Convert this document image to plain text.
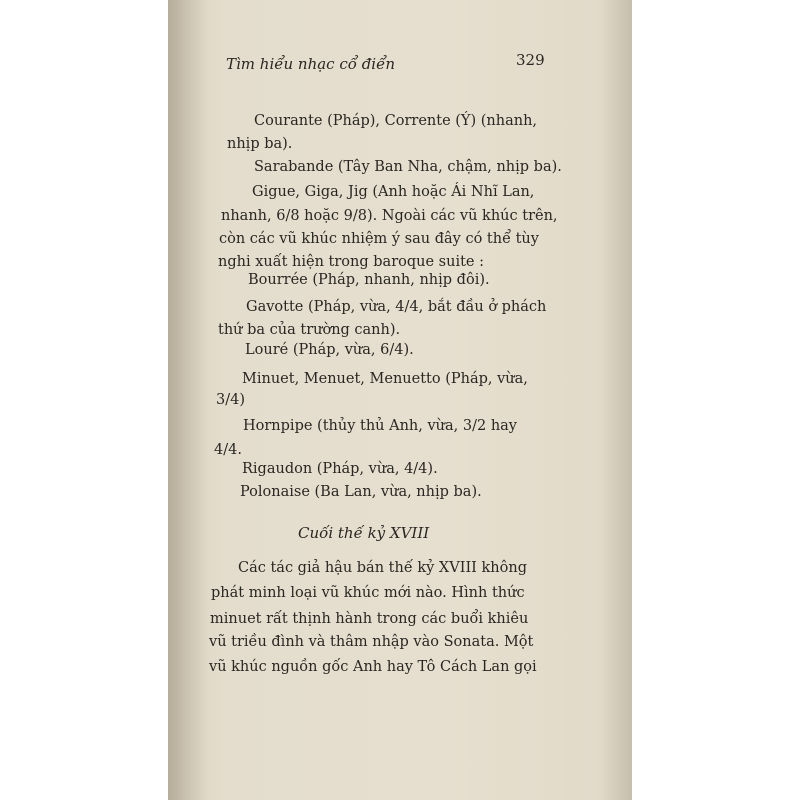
Tìm hiểu nhạc cổ điển	329
Courante (Pháp), Corrente (Ý) (nhanh,
nhịp ba).
Sarabande (Tây Ban Nha, chậm, nhịp ba).
Gigue, Giga, Jig (Anh hoặc Ái Nhĩ Lan,
nhanh, 6/8 hoặc 9/8). Ngoài các vũ khúc trên,
còn các vũ khúc nhiệm ý sau đây có thể tùy
nghi xuất hiện trong baroque suite :
Bourrée (Pháp, nhanh, nhịp đôi).
Gavotte (Pháp, vừa, 4/4, bắt đầu ở phách
thứ ba của trường canh).
Louré (Pháp, vừa, 6/4).
Minuet, Menuet, Menuetto (Pháp, vừa,
3/4)
Hornpipe (thủy thủ Anh, vừa, 3/2 hay
4/4.
Rigaudon (Pháp, vừa, 4/4).
Polonaise (Ba Lan, vừa, nhịp ba).
Cuối thế kỷ XVIII
Các tác giả hậu bán thế kỷ XVIII không
phát minh loại vũ khúc mới nào. Hình thức
minuet rất thịnh hành trong các buổi khiêu
vũ triều đình và thâm nhập vào Sonata. Một
vũ khúc nguồn gốc Anh hay Tô Cách Lan gọi
